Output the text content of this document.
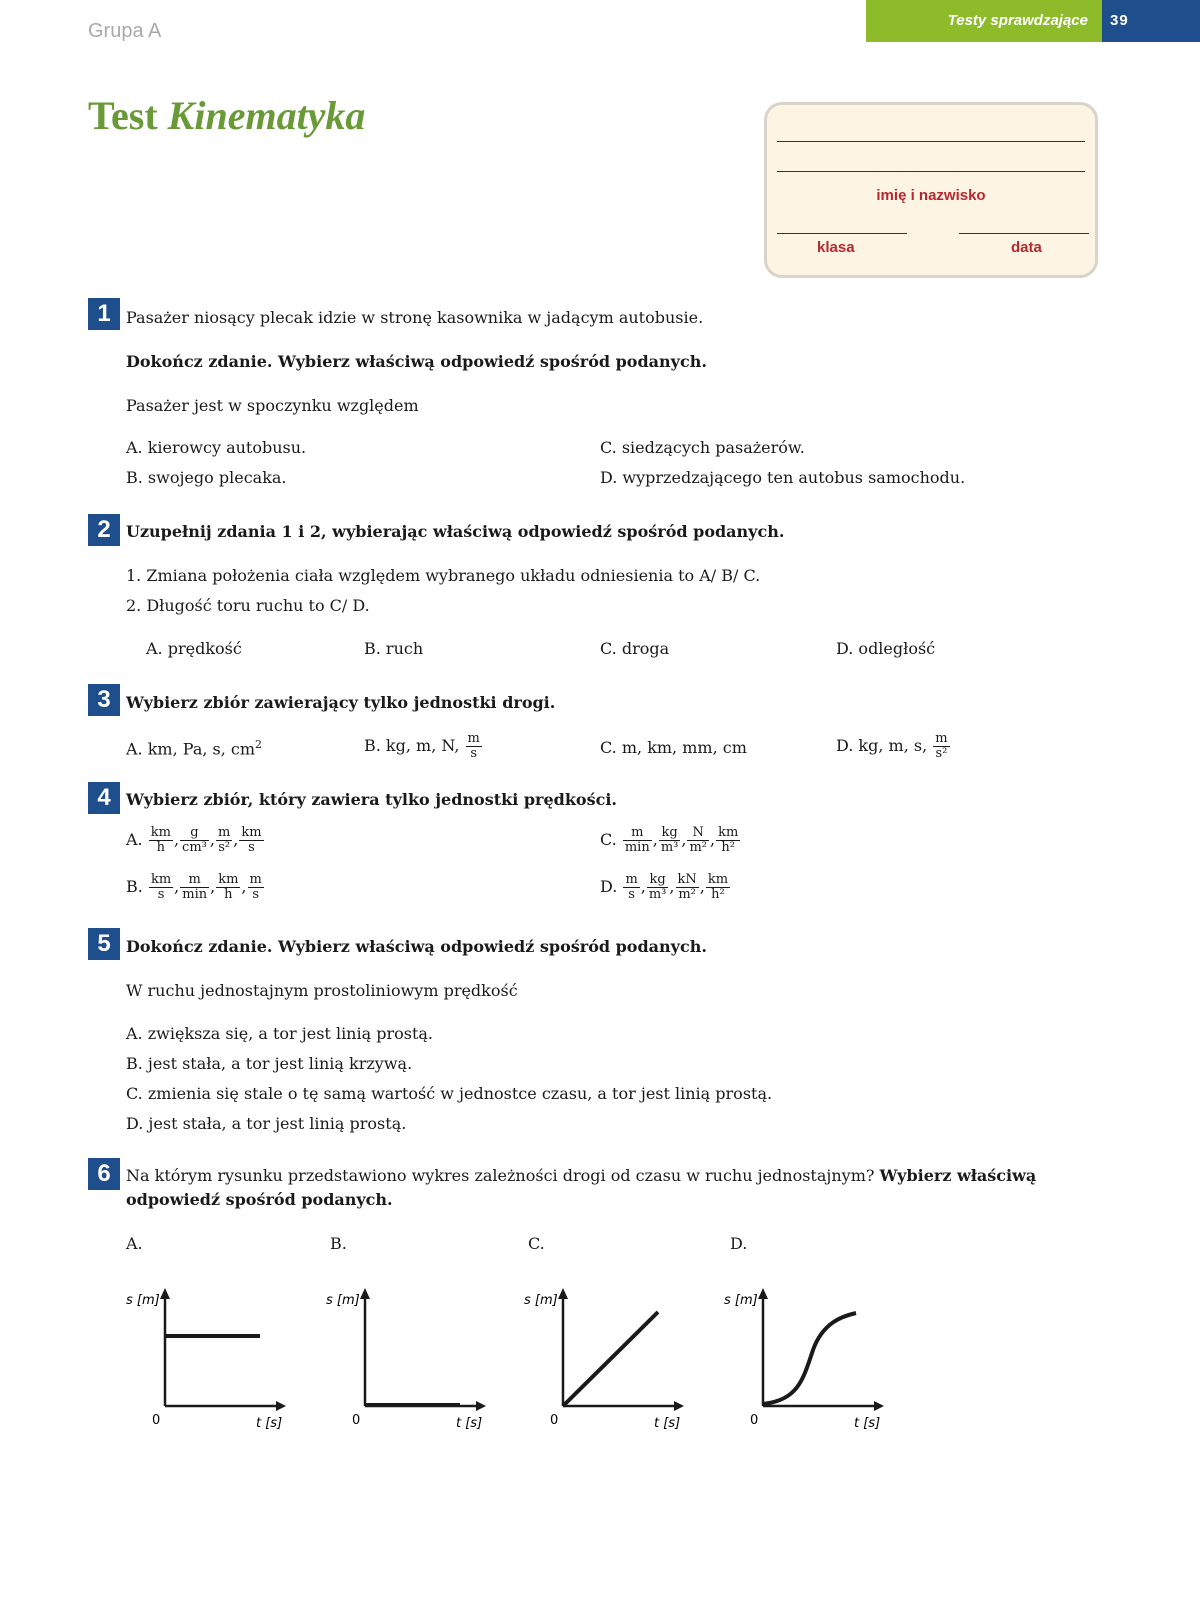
Grupa A	Testy sprawdzające 39
Test Kinematyka
imię i nazwisko
klasa	data
1 Pasażer niosący plecak idzie w stronę kasownika w jadącym autobusie.
Dokończ zdanie. Wybierz właściwą odpowiedź spośród podanych.
Pasażer jest w spoczynku względem
A. kierowcy autobusu.
B. swojego plecaka.
C. siedzących pasażerów.
D. wyprzedzającego ten autobus samochodu.
2 Uzupełnij zdania 1 i 2, wybierając właściwą odpowiedź spośród podanych.
1. Zmiana położenia ciała względem wybranego układu odniesienia to A/ B/ C.
2. Długość toru ruchu to C/ D.
A. prędkość	B. ruch	C. droga	D. odległość
3 Wybierz zbiór zawierający tylko jednostki drogi.
A. km, Pa, s, $cm^2$	B. kg, m, N, $\frac{m}{s}$	C. m, km, mm, cm	D. kg, m, s, $\frac{m}{\text{s²}}$
4 Wybierz zbiór, który zawiera tylko jednostki prędkości.
A. $\frac{km}{h}$ , $\frac{g}{\text{cm³}}$ , $\frac{m}{\text{s²}}$ , $\frac{km}{s}$
B. $\frac{km}{s}$ , $\frac{m}{\min}$ , $\frac{km}{h}$ , $\frac{m}{s}$
C. $\frac{m}{\min}$ , $\frac{kg}{\text{m³}}$ , $\frac{N}{\text{m²}}$ , $\frac{km}{\text{h²}}$
D. $\frac{m}{s}$ , $\frac{kg}{\text{m³}}$ , $\frac{kN}{\text{m²}}$ , $\frac{km}{\text{h²}}$
5 Dokończ zdanie. Wybierz właściwą odpowiedź spośród podanych.
W ruchu jednostajnym prostoliniowym prędkość
A. zwiększa się, a tor jest linią prostą.
B. jest stała, a tor jest linią krzywą.
C. zmienia się stale o tę samą wartość w jednostce czasu, a tor jest linią prostą.
D. jest stała, a tor jest linią prostą.
6 Na którym rysunku przedstawiono wykres zależności drogi od czasu w ruchu jednostajnym? Wybierz właściwą
odpowiedź spośród podanych.
A.	B.	C.	D.
s [m]
t [s]
0
s [m]
t [s]
0
s [m]
t [s]
0
s [m]
t [s]
0
